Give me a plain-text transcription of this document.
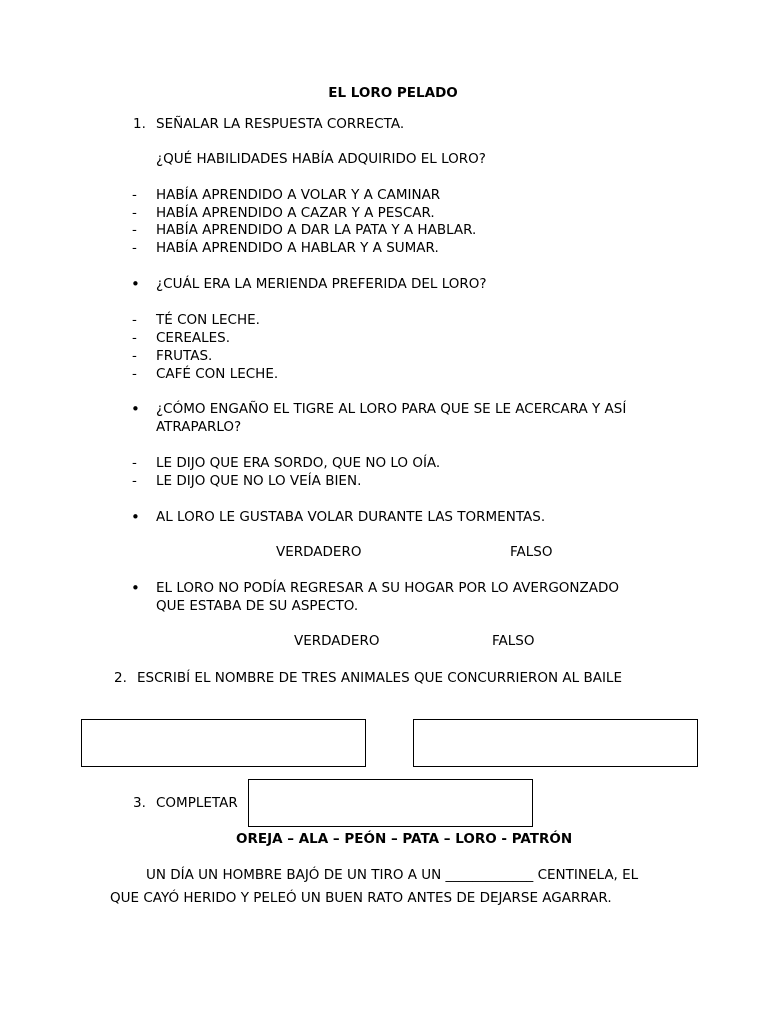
EL LORO PELADO
1. SEÑALAR LA RESPUESTA CORRECTA.
¿QUÉ HABILIDADES HABÍA ADQUIRIDO EL LORO?
-	HABÍA APRENDIDO A VOLAR Y A CAMINAR
-	HABÍA APRENDIDO A CAZAR Y A PESCAR.
-	HABÍA APRENDIDO A DAR LA PATA Y A HABLAR.
-	HABÍA APRENDIDO A HABLAR Y A SUMAR.
• ¿CUÁL ERA LA MERIENDA PREFERIDA DEL LORO?
-	TÉ CON LECHE.
-	CEREALES.
-	FRUTAS.
-	CAFÉ CON LECHE.
• ¿CÓMO ENGAÑO EL TIGRE AL LORO PARA QUE SE LE ACERCARA Y ASÍ
ATRAPARLO?
-	LE DIJO QUE ERA SORDO, QUE NO LO OÍA.
-	LE DIJO QUE NO LO VEÍA BIEN.
• AL LORO LE GUSTABA VOLAR DURANTE LAS TORMENTAS.
VERDADERO	FALSO
• EL LORO NO PODÍA REGRESAR A SU HOGAR POR LO AVERGONZADO
QUE ESTABA DE SU ASPECTO.
VERDADERO	FALSO
2. ESCRIBÍ EL NOMBRE DE TRES ANIMALES QUE CONCURRIERON AL BAILE
3. COMPLETAR
OREJA – ALA – PEÓN – PATA – LORO - PATRÓN
UN DÍA UN HOMBRE BAJÓ DE UN TIRO A UN _____________ CENTINELA, EL
QUE CAYÓ HERIDO Y PELEÓ UN BUEN RATO ANTES DE DEJARSE AGARRAR.
